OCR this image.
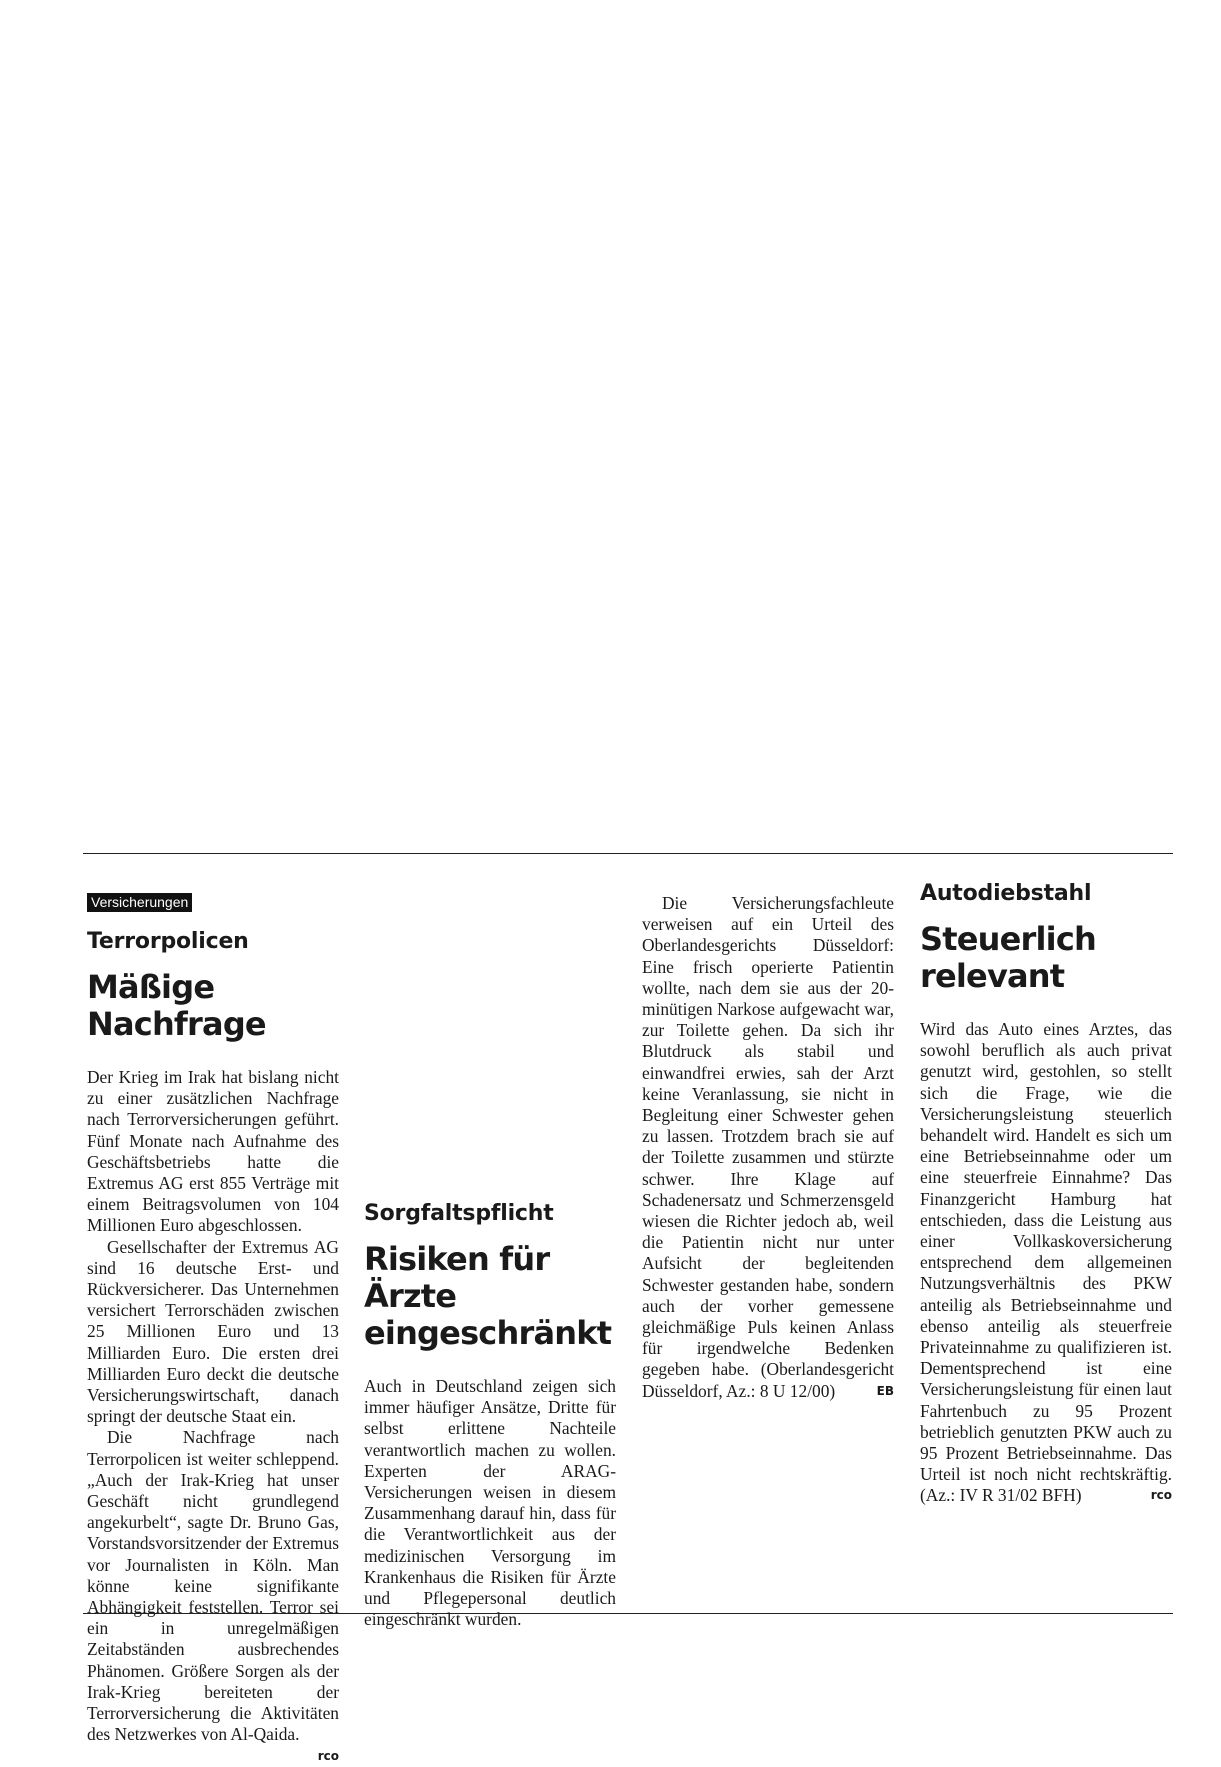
Versicherungen
Terrorpolicen
Mäßige Nachfrage

Der Krieg im Irak hat bislang nicht zu einer zusätzlichen Nachfrage nach Terrorversicherungen geführt. Fünf Monate nach Aufnahme des Geschäftsbetriebs hatte die Extremus AG erst 855 Verträge mit einem Beitragsvolumen von 104 Millionen Euro abgeschlossen.

Gesellschafter der Extremus AG sind 16 deutsche Erst- und Rückversicherer. Das Unternehmen versichert Terrorschäden zwischen 25 Millionen Euro und 13 Milliarden Euro. Die ersten drei Milliarden Euro deckt die deutsche Versicherungswirtschaft, danach springt der deutsche Staat ein.

Die Nachfrage nach Terrorpolicen ist weiter schleppend. „Auch der Irak-Krieg hat unser Geschäft nicht grundlegend angekurbelt“, sagte Dr. Bruno Gas, Vorstandsvorsitzender der Extremus vor Journalisten in Köln. Man könne keine signifikante Abhängigkeit feststellen. Terror sei ein in unregelmäßigen Zeitabständen ausbrechendes Phänomen. Größere Sorgen als der Irak-Krieg bereiteten der Terrorversicherung die Aktivitäten des Netzwerkes von Al-Qaida.
rco

Sorgfaltspflicht
Risiken für Ärzte eingeschränkt

Auch in Deutschland zeigen sich immer häufiger Ansätze, Dritte für selbst erlittene Nachteile verantwortlich machen zu wollen. Experten der ARAG-Versicherungen weisen in diesem Zusammenhang darauf hin, dass für die Verantwortlichkeit aus der medizinischen Versorgung im Krankenhaus die Risiken für Ärzte und Pflegepersonal deutlich eingeschränkt wurden.

Die Versicherungsfachleute verweisen auf ein Urteil des Oberlandesgerichts Düsseldorf: Eine frisch operierte Patientin wollte, nach dem sie aus der 20-minütigen Narkose aufgewacht war, zur Toilette gehen. Da sich ihr Blutdruck als stabil und einwandfrei erwies, sah der Arzt keine Veranlassung, sie nicht in Begleitung einer Schwester gehen zu lassen. Trotzdem brach sie auf der Toilette zusammen und stürzte schwer. Ihre Klage auf Schadenersatz und Schmerzensgeld wiesen die Richter jedoch ab, weil die Patientin nicht nur unter Aufsicht der begleitenden Schwester gestanden habe, sondern auch der vorher gemessene gleichmäßige Puls keinen Anlass für irgendwelche Bedenken gegeben habe. (Oberlandesgericht Düsseldorf, Az.: 8 U 12/00)	EB

Autodiebstahl
Steuerlich relevant

Wird das Auto eines Arztes, das sowohl beruflich als auch privat genutzt wird, gestohlen, so stellt sich die Frage, wie die Versicherungsleistung steuerlich behandelt wird. Handelt es sich um eine Betriebseinnahme oder um eine steuerfreie Einnahme? Das Finanzgericht Hamburg hat entschieden, dass die Leistung aus einer Vollkaskoversicherung entsprechend dem allgemeinen Nutzungsverhältnis des PKW anteilig als Betriebseinnahme und ebenso anteilig als steuerfreie Privateinnahme zu qualifizieren ist. Dementsprechend ist eine Versicherungsleistung für einen laut Fahrtenbuch zu 95 Prozent betrieblich genutzten PKW auch zu 95 Prozent Betriebseinnahme. Das Urteil ist noch nicht rechtskräftig. (Az.: IV R 31/02 BFH)	rco
